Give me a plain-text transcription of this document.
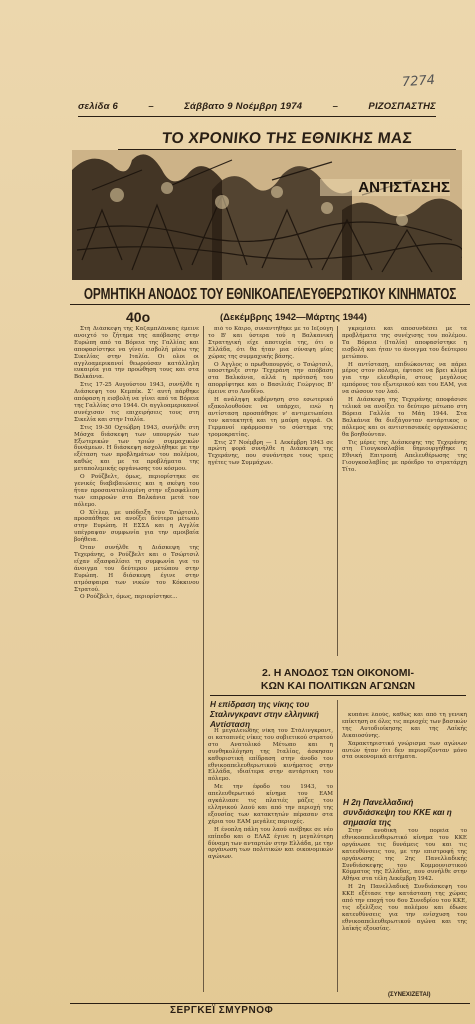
7274
σελίδα 6	–	Σάββατο 9 Νοέμβρη 1974	–	ΡΙΖΟΣΠΑΣΤΗΣ
ΤΟ ΧΡΟΝΙΚΟ ΤΗΣ ΕΘΝΙΚΗΣ ΜΑΣ
ΑΝΤΙΣΤΑΣΗΣ
ΟΡΜΗΤΙΚΗ ΑΝΟΔΟΣ ΤΟΥ ΕΘΝΙΚΟΑΠΕΛΕΥΘΕΡΩΤΙΚΟΥ ΚΙΝΗΜΑΤΟΣ
40ο	(Δεκέμβρης 1942—Μάρτης 1944)

Στή Διάσκεψη της Καζαμπλάνκας έμεινε ανοιχτό το ζήτημα της απόβασης στην Ευρώπη από τα Βόρεια της Γαλλίας και αποφασίστηκε να γίνει εισβολή μέσω της Σικελίας στην Ιταλία. Οι ολοι οι αγγλοαμερικανοί θεωρούσαν κατάλληλη ευκαιρία για την προώθηση τους και στα Βαλκάνια.

Στις 17-25 Αυγούστου 1943, συνήλθε η Διάσκεψη του Κεμπέκ. Σ' αυτή πάρθηκε απόφαση η εισβολή να γίνει από τα Βόρεια της Γαλλίας στο 1944. Οι αγγλοαμερικανοί συνέχισαν τις επιχειρήσεις τους στη Σικελία και στην Ιταλία.

Στις 19-30 Οχτώβρη 1943, συνήλθε στη Μόσχα διάσκεψη των υπουργών των Εξωτερικών των τριών συμμαχικών δυνάμεων. Η διάσκεψη ασχολήθηκε με την εξέταση των προβλημάτων του πολέμου, καθώς και με τα προβλήματα της μεταπολεμικής οργάνωσης του κόσμου.

Ο Ρούζβελτ, όμως, περιορίστηκε σε γενικές διαβεβαιώσεις και η σκέψη του ήταν προσανατολισμένη στην εξασφάλιση των επιρροών στα Βαλκάνια μετά τον πόλεμο.

Ο Χίτλερ, με υπόδειξη του Τσώρτσιλ, προσπάθησε να ανοίξει δεύτερο μέτωπο στην Ευρώπη. Η ΕΣΣΔ και η Αγγλία υπέγραψαν συμφωνία για την αμοιβαία βοήθεια.

Όταν συνήλθε η Διάσκεψη της Τεχεράνης, ο Ρούζβελτ και ο Τσώρτσιλ είχαν εξασφαλίσει τη συμφωνία για το άνοιγμα του δεύτερου μετώπου στην Ευρώπη. Η διάσκεψη έγινε στην ατμόσφαιρα των νικών του Κόκκινου Στρατού.

Ο Ρούζβελτ, όμως, περιορίστηκε...

πιό το Κάιρο, συναντήθηκε με το Ιεζούγη το Β' και ύστερα τού η Βαλκανική Στρατηγική είχε αποτυχία της, ότι ο Ελλάδα, ότι θα ήταν μια σύναψη μίας χώρας της συμμαχικής βάσης.

Ο Άγγλος ο πρωθυπουργός, ο Τσώρτσιλ, υποστήριξε στην Τεχεράνη την απόβαση στα Βαλκάνια, αλλά η πρότασή του απορρίφτηκε και ο Βασιλιάς Γεώργιος Β' έμεινε στο Λονδίνο.

Η ανάληψη κυβέρνηση στο εσωτερικό εξακολουθούσε να υπάρχει, ενώ η αντίσταση προσπάθησε ν' αντιμετωπίσει τον κατακτητή και τη μαύρη αγορά. Οι Γερμανοί εφάρμοσαν το σύστημα της τρομοκρατίας.

Στις 27 Νοέμβρη — 1 Δεκέμβρη 1943 σε πρώτη φορά συνήλθε η Διάσκεψη της Τεχεράνης, που συνάντησε τους τρεις ηγέτες των Συμμάχων.

γκρεμίσει και αποσυνδέσει με τα προβλήματα της συνέχισης του πολέμου. Τα Βόρεια (Ιταλία) αποφασίστηκε η εισβολή και ήταν το άνοιγμα του δεύτερου μετώπου.

Η αντίσταση, επιδιώκοντας να πάρει μέρος στον πόλεμο, έφτασε να βρει κλίμα για την ελευθερία, στους μεγάλους εμπόρους του εξωτερικού και του ΕΑΜ, για να σώσουν τον λαό.

Η Διάσκεψη της Τεχεράνης αποφάσισε τελικά να ανοίξει το δεύτερο μέτωπο στη Βόρεια Γαλλία το Μάη 1944. Στα Βαλκάνια θα διεξάγονταν αντάρτικος ο πόλεμος και οι αντιστασιακές οργανώσεις θα βοηθούνταν.

Τις μέρες της Διάσκεψης της Τεχεράνης στη Γιουγκοσλαβία δημιουργήθηκε η Εθνική Επιτροπή Απελευθέρωσης της Γιουγκοσλαβίας με πρόεδρο το στρατάρχη Τίτο.

2. Η ΑΝΟΔΟΣ ΤΩΝ ΟΙΚΟΝΟΜΙ-
ΚΩΝ ΚΑΙ ΠΟΛΙΤΙΚΩΝ ΑΓΩΝΩΝ
Η επίδραση της νίκης του Σταλινγκραντ στην ελληνική Αντίσταση

Η μεγαλειώδης νίκη του Στάλινγκραντ, οι κατοπινές νίκες του σοβιετικού στρατού στο Ανατολικό Μέτωπο και η συνθηκολόγηση της Ιταλίας, άσκησαν καθοριστική επίδραση στην άνοδο του εθνικοαπελευθερωτικού κινήματος στην Ελλάδα, ιδιαίτερα στην αντάρτικη του πόλεμο.

Με την έφοδο του 1943, το απελευθερωτικό κίνημα του ΕΑΜ αγκάλιασε τις πλατιές μάζες του ελληνικού λαού και από την περιοχή της εξουσίας των κατακτητών πέρασαν στα χέρια του ΕΑΜ μεγάλες περιοχές.

Η ένοπλη πάλη του λαού ανέβηκε σε νέο επίπεδο και ο ΕΛΑΣ έγινε η μεγαλύτερη δύναμη των ανταρτών στην Ελλάδα, με την οργάνωση των πολιτικών και οικονομικών αγώνων.

κυπάνε λαούς, καθώς και από τη γενική επίκτηση σε όλες τις περιοχές των βασικών της Αυτοδιοίκησης και της Λαϊκής Δικαιοσύνης.

Χαρακτηριστικό γνώρισμα των αγώνων αυτών ήταν ότι δεν περιορίζονταν μόνο στα οικονομικά αιτήματα.

Η 2η Πανελλαδική συνδιάσκεψη του ΚΚΕ και η σημασία της

Στην ανοδική του πορεία το εθνικοαπελευθερωτικό κίνημα του ΚΚΕ οργάνωσε τις δυνάμεις του και τις κατευθύνσεις του, με την επιστροφή της οργάνωσης της 2ης Πανελλαδικής Συνδιάσκεψης του Κομμουνιστικού Κόμματος της Ελλάδας, που συνήλθε στην Αθήνα στα τέλη Δεκέμβρη 1942.

Η 2η Πανελλαδική Συνδιάσκεψη του ΚΚΕ εξέτασε την κατάσταση της χώρας από την εποχή του 6ου Συνεδρίου του ΚΚΕ, τις εξελίξεις του πολέμου και έδωσε κατευθύνσεις για την ενίσχυση του εθνικοαπελευθερωτικού αγώνα και της λαϊκής εξουσίας.

(ΣΥΝΕΧΙΖΕΤΑΙ)
ΣΕΡΓΚΕΪ ΣΜΥΡΝΟΦ
